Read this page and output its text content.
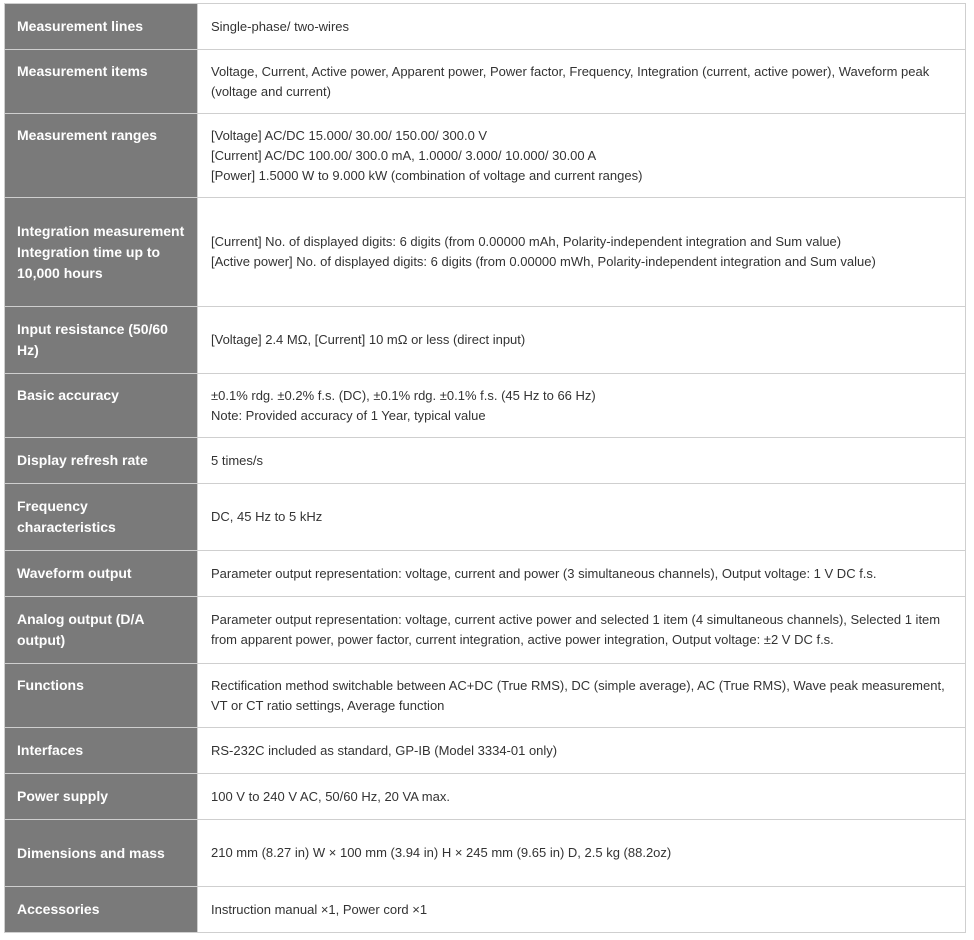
Measurement lines	Single-phase/ two-wires

Measurement items	Voltage, Current, Active power, Apparent power, Power factor, Frequency, Integration (current, active power), Waveform peak (voltage and current)

Measurement ranges	[Voltage] AC/DC 15.000/ 30.00/ 150.00/ 300.0 V
[Current] AC/DC 100.00/ 300.0 mA, 1.0000/ 3.000/ 10.000/ 30.00 A
[Power] 1.5000 W to 9.000 kW (combination of voltage and current ranges)

Integration measurement Integration time up to 10,000 hours	[Current] No. of displayed digits: 6 digits (from 0.00000 mAh, Polarity-independent integration and Sum value)
[Active power] No. of displayed digits: 6 digits (from 0.00000 mWh, Polarity-independent integration and Sum value)

Input resistance (50/60 Hz)	[Voltage] 2.4 MΩ, [Current] 10 mΩ or less (direct input)

Basic accuracy	±0.1% rdg. ±0.2% f.s. (DC), ±0.1% rdg. ±0.1% f.s. (45 Hz to 66 Hz)
Note: Provided accuracy of 1 Year, typical value

Display refresh rate	5 times/s

Frequency characteristics	DC, 45 Hz to 5 kHz

Waveform output	Parameter output representation: voltage, current and power (3 simultaneous channels), Output voltage: 1 V DC f.s.

Analog output (D/A output)	Parameter output representation: voltage, current active power and selected 1 item (4 simultaneous channels), Selected 1 item from apparent power, power factor, current integration, active power integration, Output voltage: ±2 V DC f.s.

Functions	Rectification method switchable between AC+DC (True RMS), DC (simple average), AC (True RMS), Wave peak measurement, VT or CT ratio settings, Average function

Interfaces	RS-232C included as standard, GP-IB (Model 3334-01 only)

Power supply	100 V to 240 V AC, 50/60 Hz, 20 VA max.

Dimensions and mass	210 mm (8.27 in) W × 100 mm (3.94 in) H × 245 mm (9.65 in) D, 2.5 kg (88.2oz)

Accessories	Instruction manual ×1, Power cord ×1
